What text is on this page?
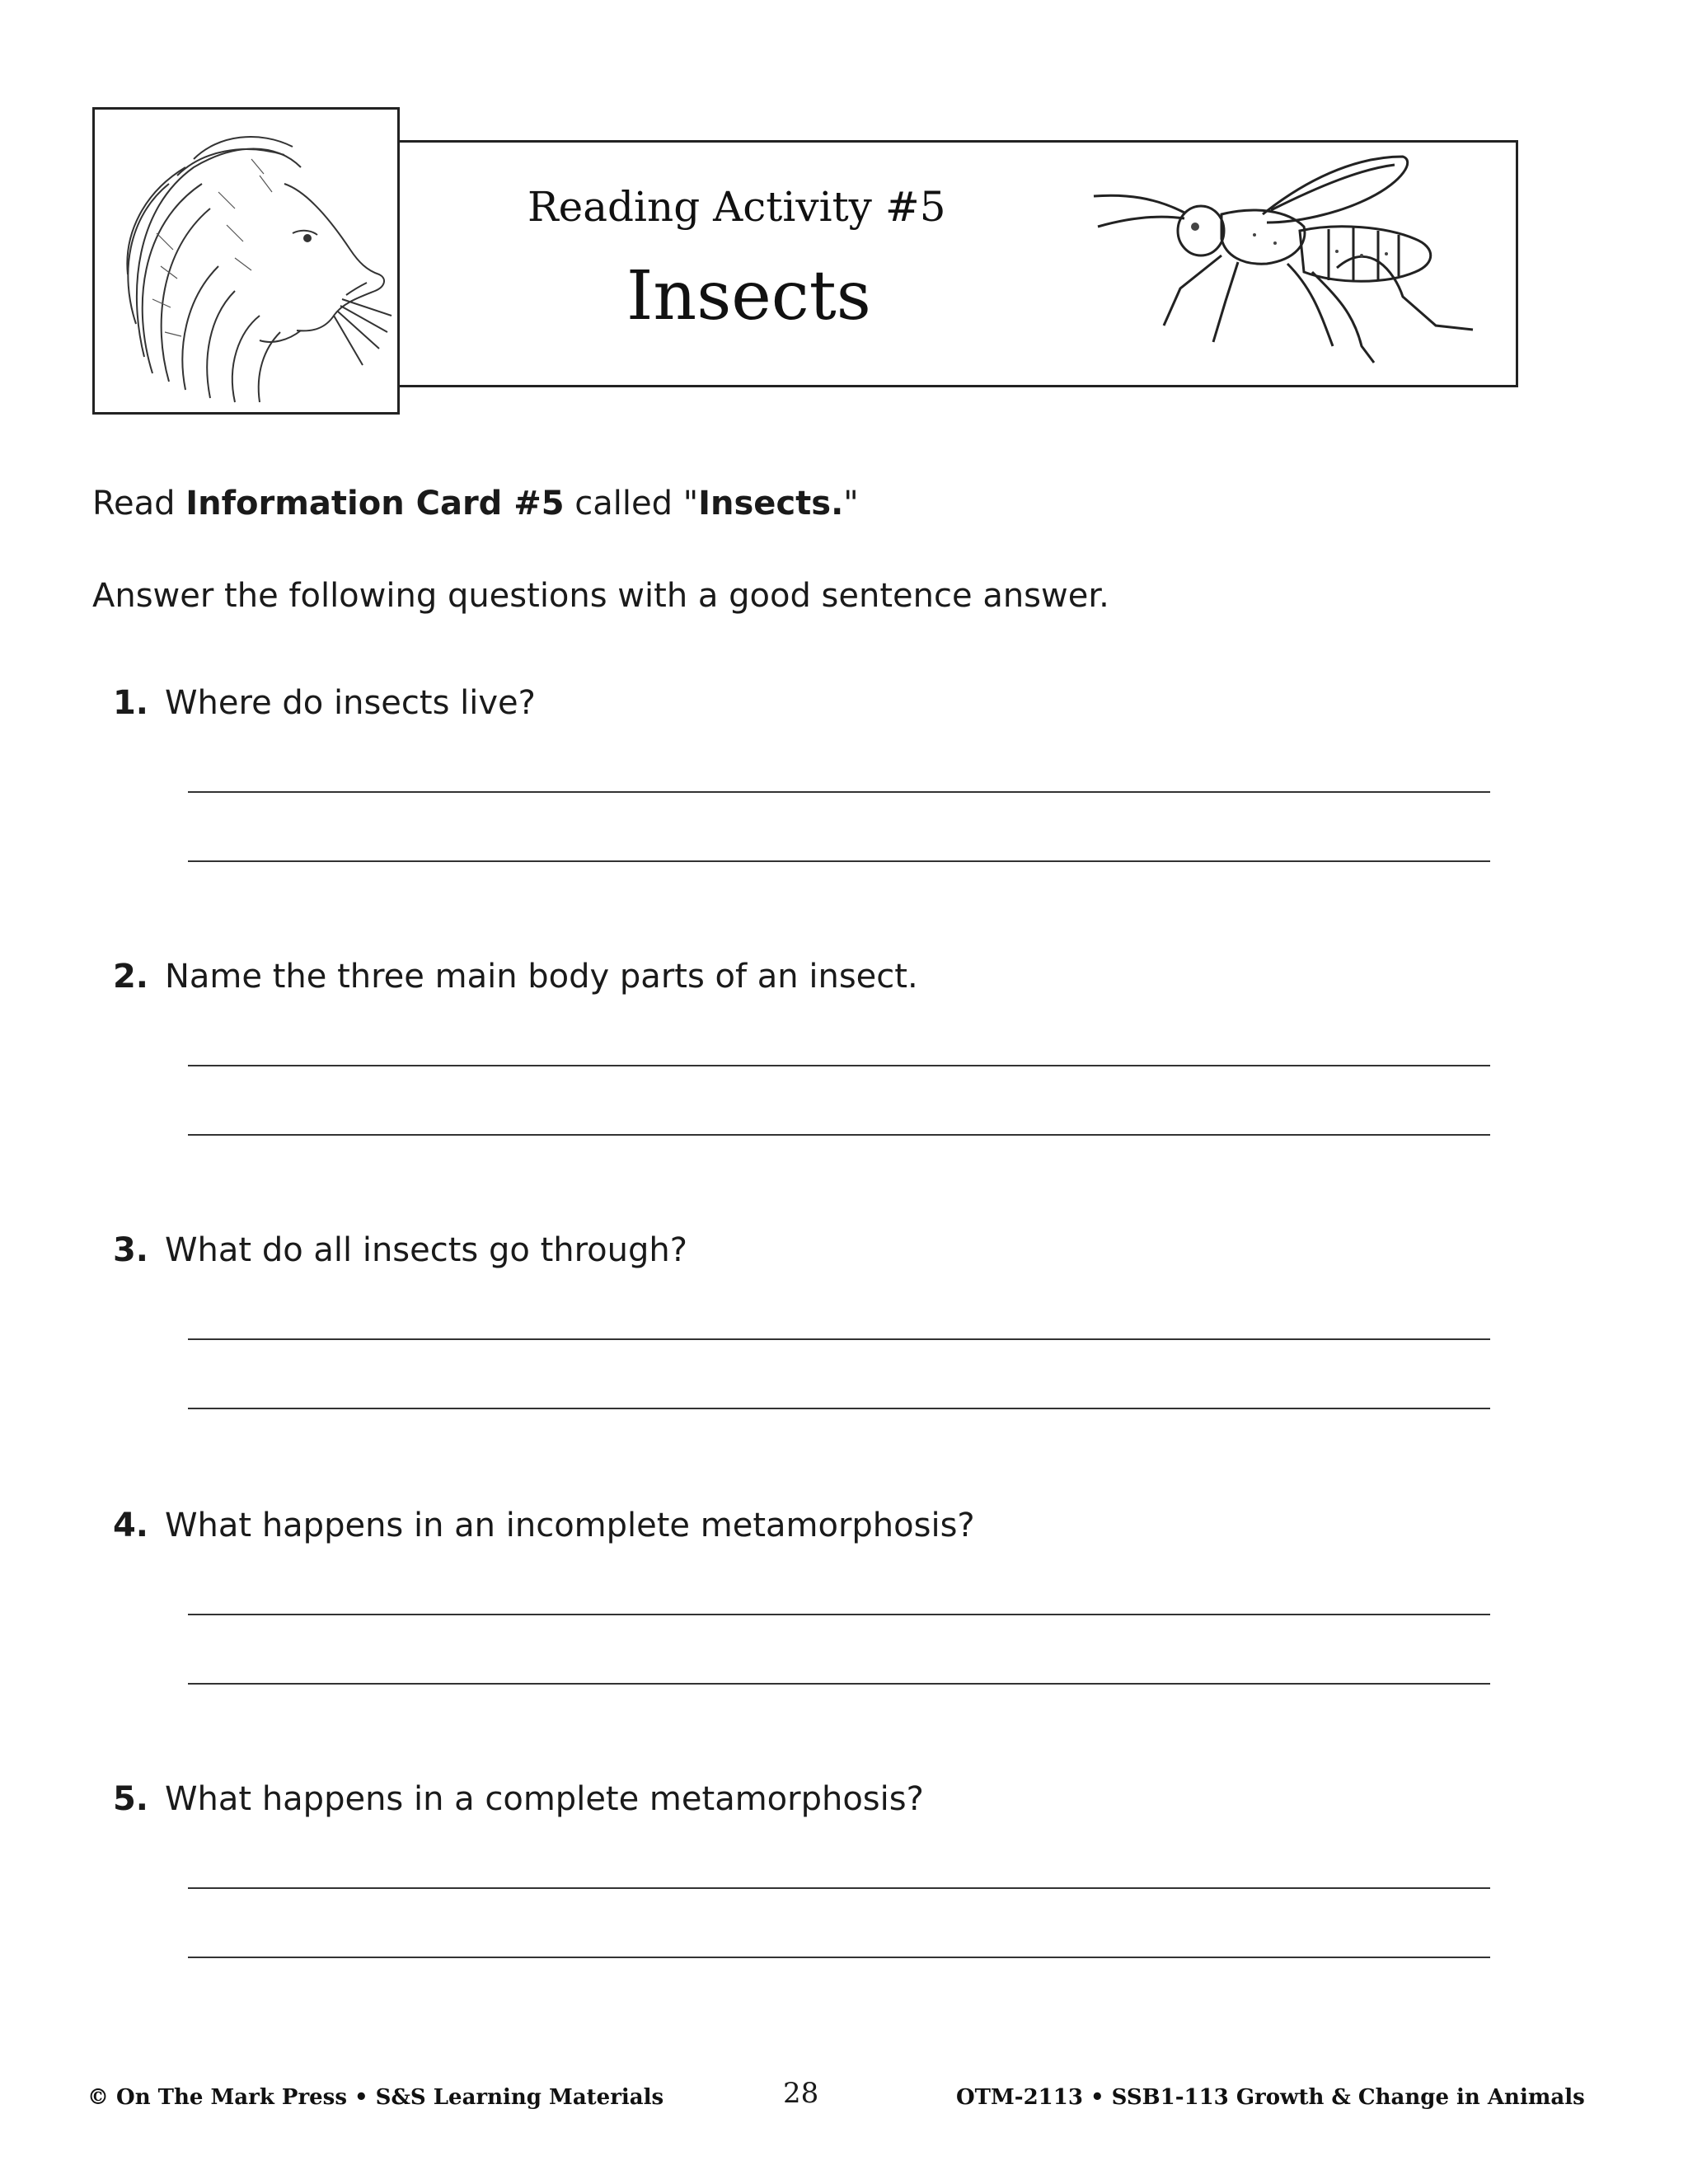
Reading Activity #5
Insects
Read Information Card #5 called "Insects."
Answer the following questions with a good sentence answer.
1. Where do insects live?
2. Name the three main body parts of an insect.
3. What do all insects go through?
4. What happens in an incomplete metamorphosis?
5. What happens in a complete metamorphosis?
© On The Mark Press • S&S Learning Materials	28	OTM-2113 • SSB1-113 Growth & Change in Animals
